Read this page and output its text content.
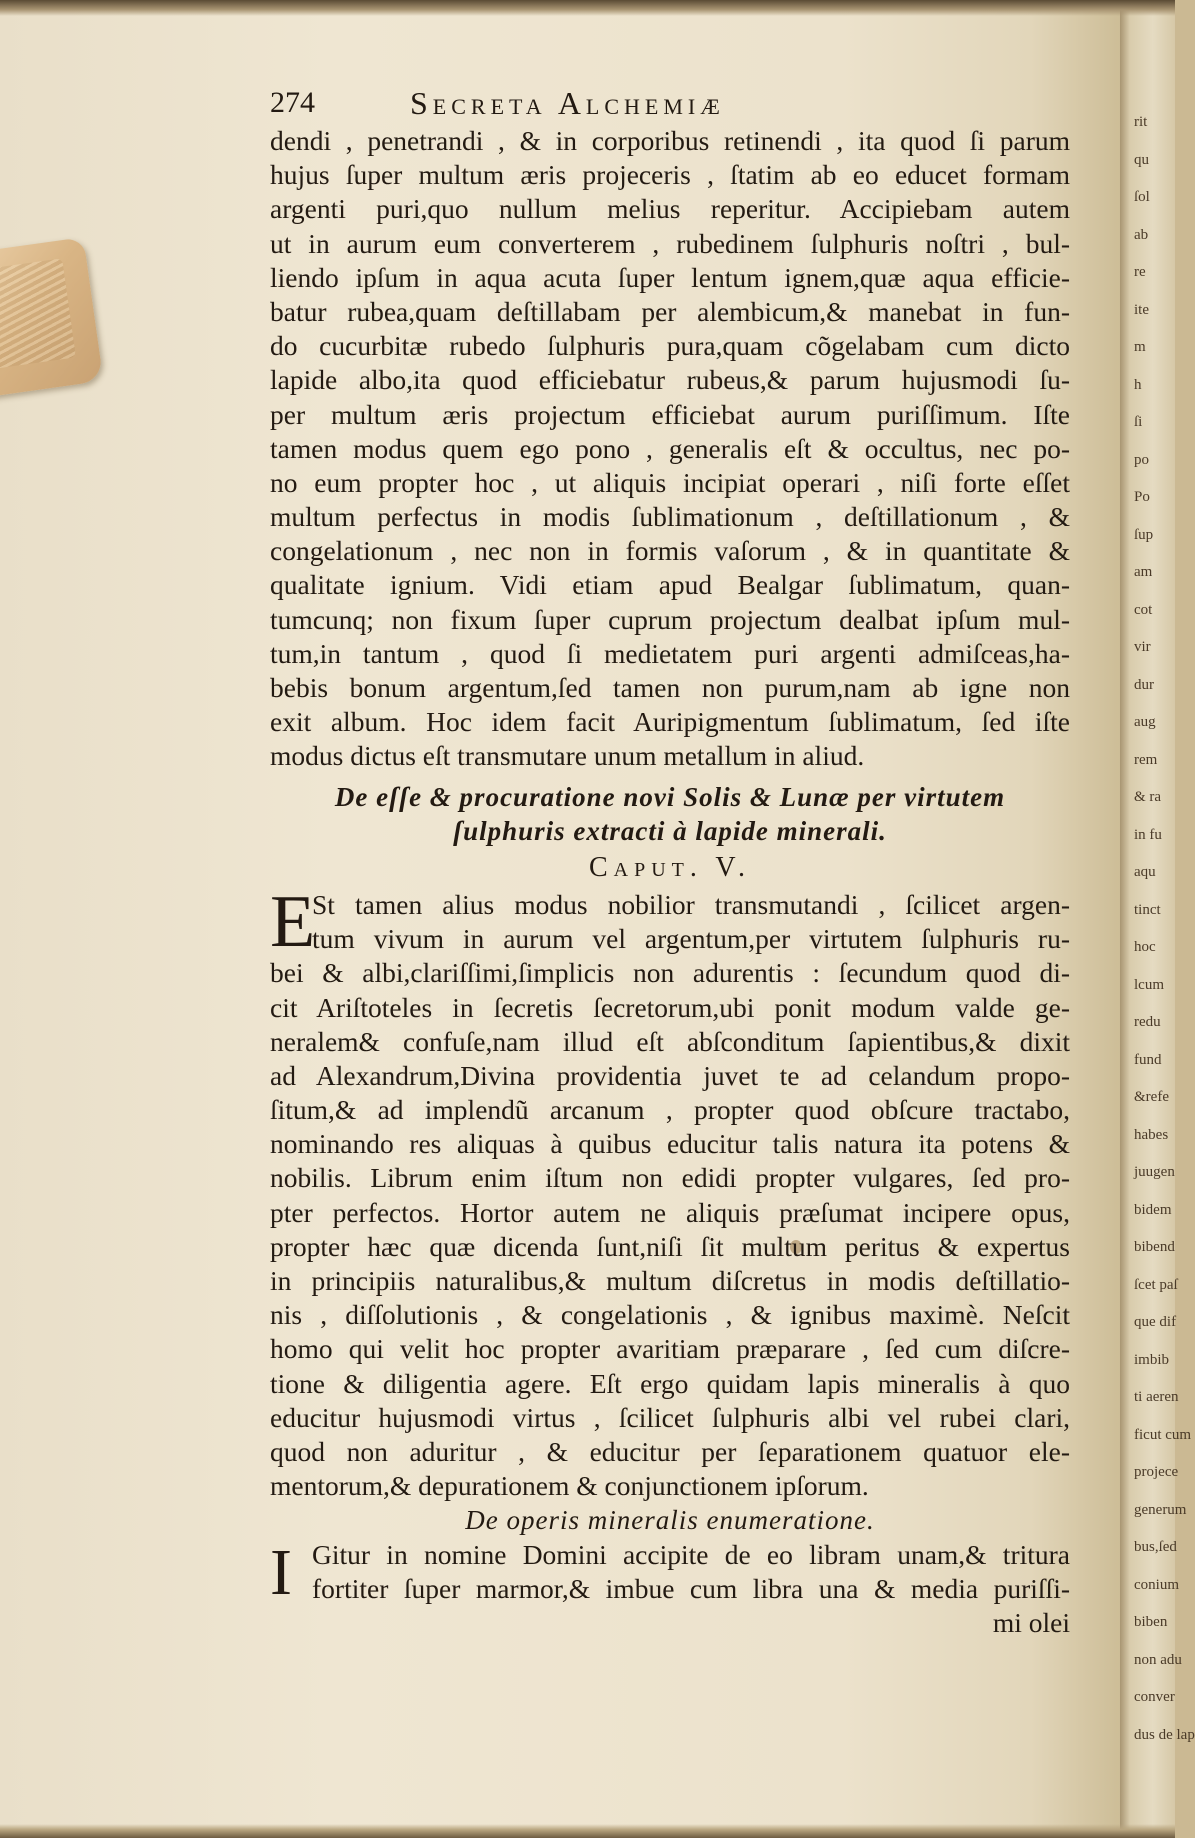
rit
qu
ſol
ab
re
ite
m
h
ſi
po
Po
ſup
am
cot
vir
dur
aug
rem
& ra
in fu
aqu
tinct
hoc
lcum
redu
fund
&refe
habes
juugen
bidem
bibend
ſcet paſ
que dif
imbib
ti aeren
ficut cum
projece
generum
bus,ſed
conium
biben
non adu
conver
dus de lap
274	Secreta Alchemiæ
dendi , penetrandi , & in corporibus retinendi , ita quod ſi parum
hujus ſuper multum æris projeceris , ſtatim ab eo educet formam
argenti puri,quo nullum melius reperitur. Accipiebam autem
ut in aurum eum converterem , rubedinem ſulphuris noſtri , bul-
liendo ipſum in aqua acuta ſuper lentum ignem,quæ aqua efficie-
batur rubea,quam deſtillabam per alembicum,& manebat in fun-
do cucurbitæ rubedo ſulphuris pura,quam cõgelabam cum dicto
lapide albo,ita quod efficiebatur rubeus,& parum hujusmodi ſu-
per multum æris projectum efficiebat aurum puriſſimum. Iſte
tamen modus quem ego pono , generalis eſt & occultus, nec po-
no eum propter hoc , ut aliquis incipiat operari , niſi forte eſſet
multum perfectus in modis ſublimationum , deſtillationum , &
congelationum , nec non in formis vaſorum , & in quantitate &
qualitate ignium. Vidi etiam apud Bealgar ſublimatum, quan-
tumcunq; non fixum ſuper cuprum projectum dealbat ipſum mul-
tum,in tantum , quod ſi medietatem puri argenti admiſceas,ha-
bebis bonum argentum,ſed tamen non purum,nam ab igne non
exit album. Hoc idem facit Auripigmentum ſublimatum, ſed iſte
modus dictus eſt transmutare unum metallum in aliud.
De eſſe & procuratione novi Solis & Lunæ per virtutem
ſulphuris extracti à lapide minerali.
Caput. V.
E
St tamen alius modus nobilior transmutandi , ſcilicet argen-
tum vivum in aurum vel argentum,per virtutem ſulphuris ru-
bei & albi,clariſſimi,ſimplicis non adurentis : ſecundum quod di-
cit Ariſtoteles in ſecretis ſecretorum,ubi ponit modum valde ge-
neralem& confuſe,nam illud eſt abſconditum ſapientibus,& dixit
ad Alexandrum,Divina providentia juvet te ad celandum propo-
ſitum,& ad implendũ arcanum , propter quod obſcure tractabo,
nominando res aliquas à quibus educitur talis natura ita potens &
nobilis. Librum enim iſtum non edidi propter vulgares, ſed pro-
pter perfectos. Hortor autem ne aliquis præſumat incipere opus,
propter hæc quæ dicenda ſunt,niſi ſit multum peritus & expertus
in principiis naturalibus,& multum diſcretus in modis deſtillatio-
nis , diſſolutionis , & congelationis , & ignibus maximè. Neſcit
homo qui velit hoc propter avaritiam præparare , ſed cum diſcre-
tione & diligentia agere. Eſt ergo quidam lapis mineralis à quo
educitur hujusmodi virtus , ſcilicet ſulphuris albi vel rubei clari,
quod non aduritur , & educitur per ſeparationem quatuor ele-
mentorum,& depurationem & conjunctionem ipſorum.
De operis mineralis enumeratione.
I Gitur in nomine Domini accipite de eo libram unam,& tritura
fortiter ſuper marmor,& imbue cum libra una & media puriſſi-
mi olei
